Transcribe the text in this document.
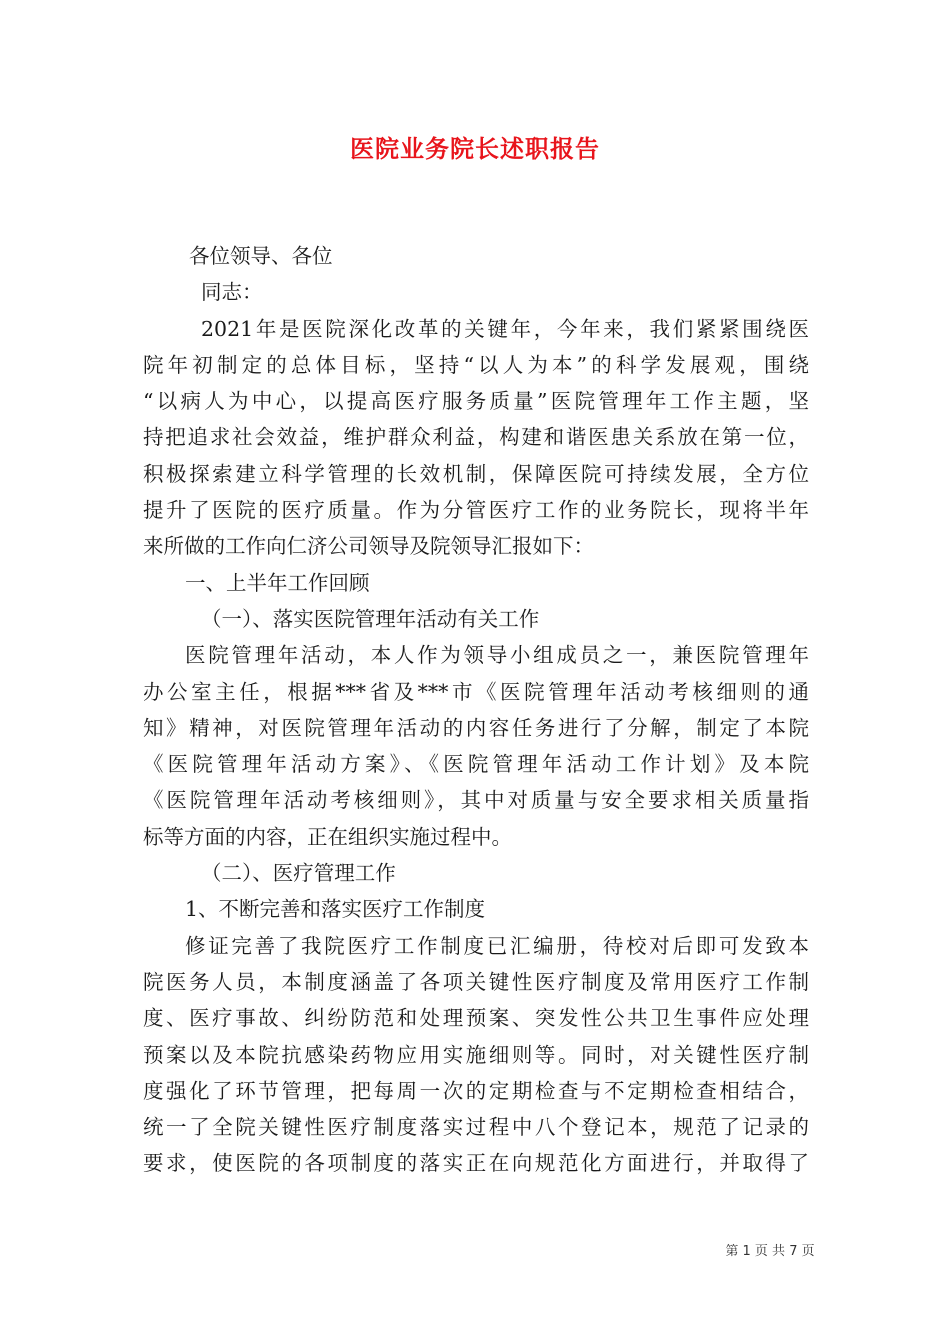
医院业务院长述职报告
各位领导、各位
同志：
2021年是医院深化改革的关键年，今年来，我们紧紧围绕医
院年初制定的总体目标，坚持“以人为本”的科学发展观，围绕
“以病人为中心，以提高医疗服务质量”医院管理年工作主题，坚
持把追求社会效益，维护群众利益，构建和谐医患关系放在第一位，
积极探索建立科学管理的长效机制，保障医院可持续发展，全方位
提升了医院的医疗质量。作为分管医疗工作的业务院长，现将半年
来所做的工作向仁济公司领导及院领导汇报如下：
一、上半年工作回顾
（一）、落实医院管理年活动有关工作
医院管理年活动，本人作为领导小组成员之一，兼医院管理年
办公室主任，根据***省及***市《医院管理年活动考核细则的通
知》精神，对医院管理年活动的内容任务进行了分解，制定了本院
《医院管理年活动方案》、《医院管理年活动工作计划》及本院
《医院管理年活动考核细则》，其中对质量与安全要求相关质量指
标等方面的内容，正在组织实施过程中。
（二）、医疗管理工作
1、不断完善和落实医疗工作制度
修证完善了我院医疗工作制度已汇编册，待校对后即可发致本
院医务人员，本制度涵盖了各项关键性医疗制度及常用医疗工作制
度、医疗事故、纠纷防范和处理预案、突发性公共卫生事件应处理
预案以及本院抗感染药物应用实施细则等。同时，对关键性医疗制
度强化了环节管理，把每周一次的定期检查与不定期检查相结合，
统一了全院关键性医疗制度落实过程中八个登记本，规范了记录的
要求，使医院的各项制度的落实正在向规范化方面进行，并取得了
第 1 页 共 7 页
